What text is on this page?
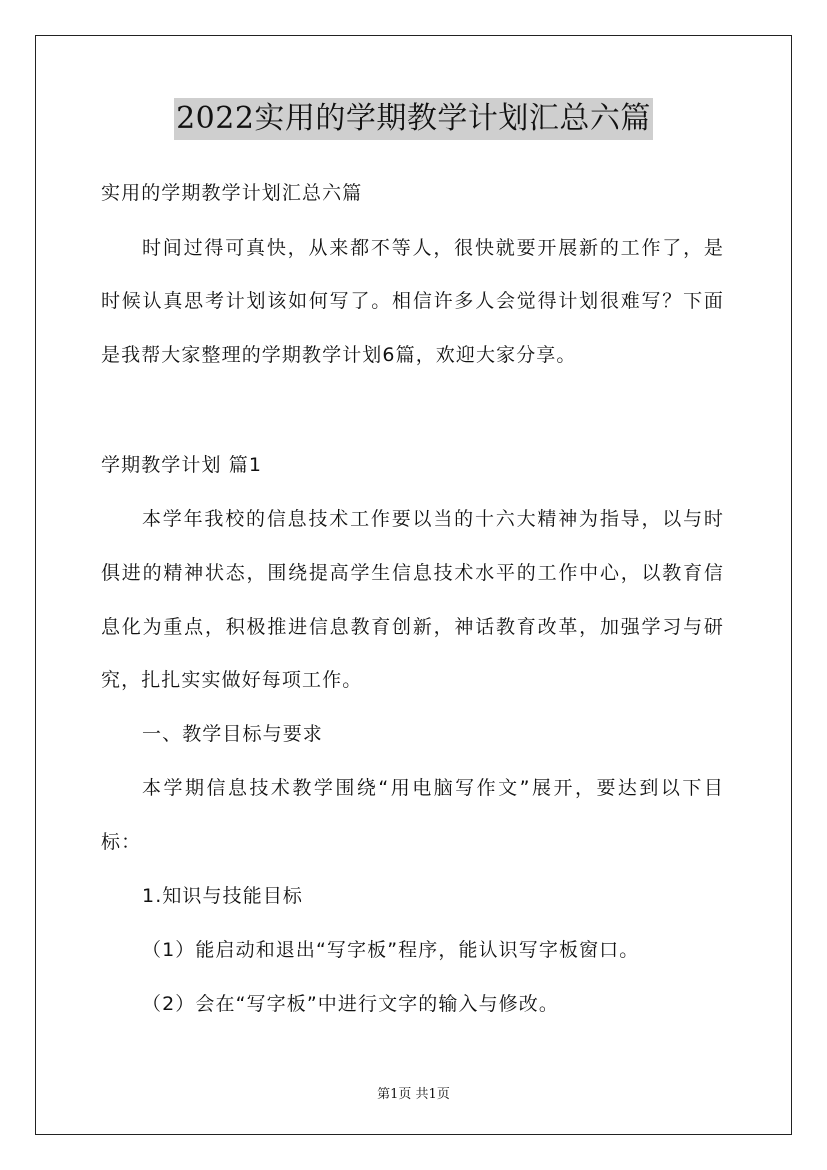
2022实用的学期教学计划汇总六篇
实用的学期教学计划汇总六篇
时间过得可真快，从来都不等人，很快就要开展新的工作了，是
时候认真思考计划该如何写了。相信许多人会觉得计划很难写？下面
是我帮大家整理的学期教学计划6篇，欢迎大家分享。
学期教学计划 篇1
本学年我校的信息技术工作要以当的十六大精神为指导，以与时
俱进的精神状态，围绕提高学生信息技术水平的工作中心，以教育信
息化为重点，积极推进信息教育创新，神话教育改革，加强学习与研
究，扎扎实实做好每项工作。
一、教学目标与要求
本学期信息技术教学围绕“用电脑写作文”展开，要达到以下目
标：
1.知识与技能目标
（1）能启动和退出“写字板”程序，能认识写字板窗口。
（2）会在“写字板”中进行文字的输入与修改。
第1页 共1页
